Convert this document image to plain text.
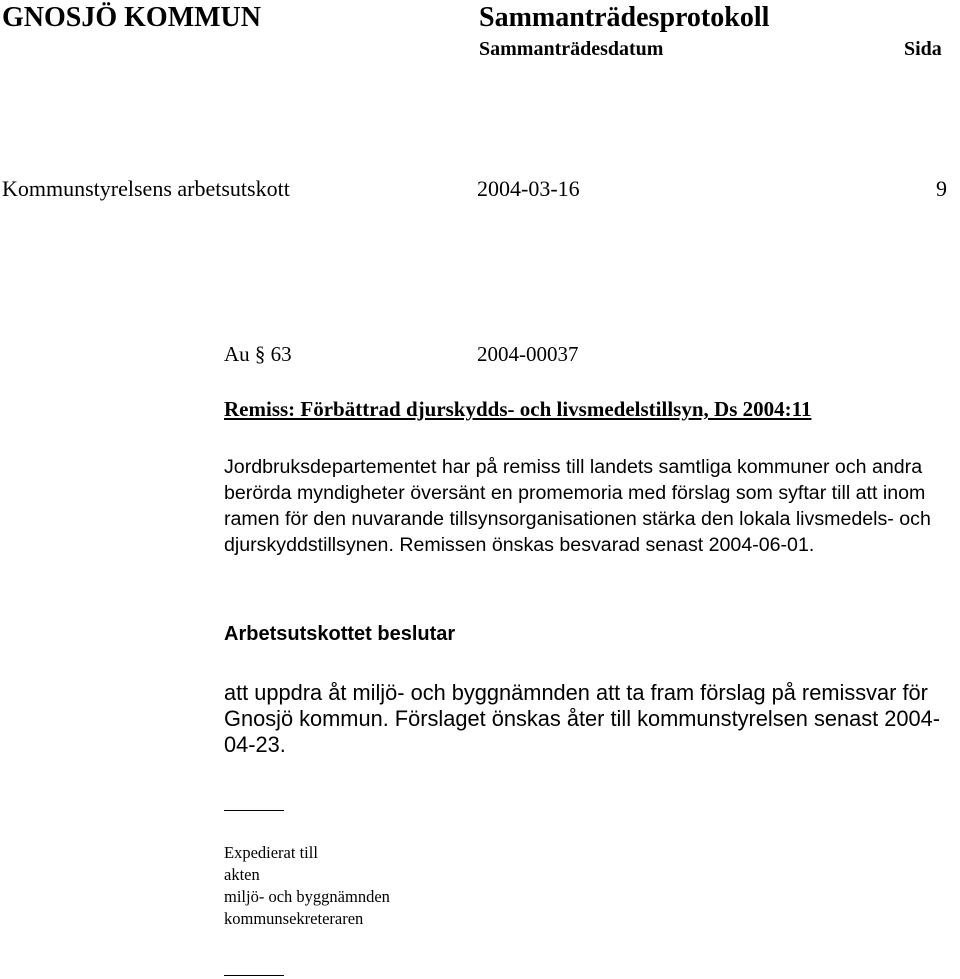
GNOSJÖ KOMMUN	Sammanträdesprotokoll
Sammanträdesdatum	Sida
Kommunstyrelsens arbetsutskott	2004-03-16	9
Au § 63	2004-00037
Remiss: Förbättrad djurskydds- och livsmedelstillsyn, Ds 2004:11
Jordbruksdepartementet har på remiss till landets samtliga kommuner och andra berörda myndigheter översänt en promemoria med förslag som syftar till att inom ramen för den nuvarande tillsynsorganisationen stärka den lokala livsmedels- och djurskyddstillsynen. Remissen önskas besvarad senast 2004-06-01.
Arbetsutskottet beslutar
att uppdra åt miljö- och byggnämnden att ta fram förslag på remissvar för Gnosjö kommun. Förslaget önskas åter till kommunstyrelsen senast 2004-04-23.
Expedierat till
akten
miljö- och byggnämnden
kommunsekreteraren
